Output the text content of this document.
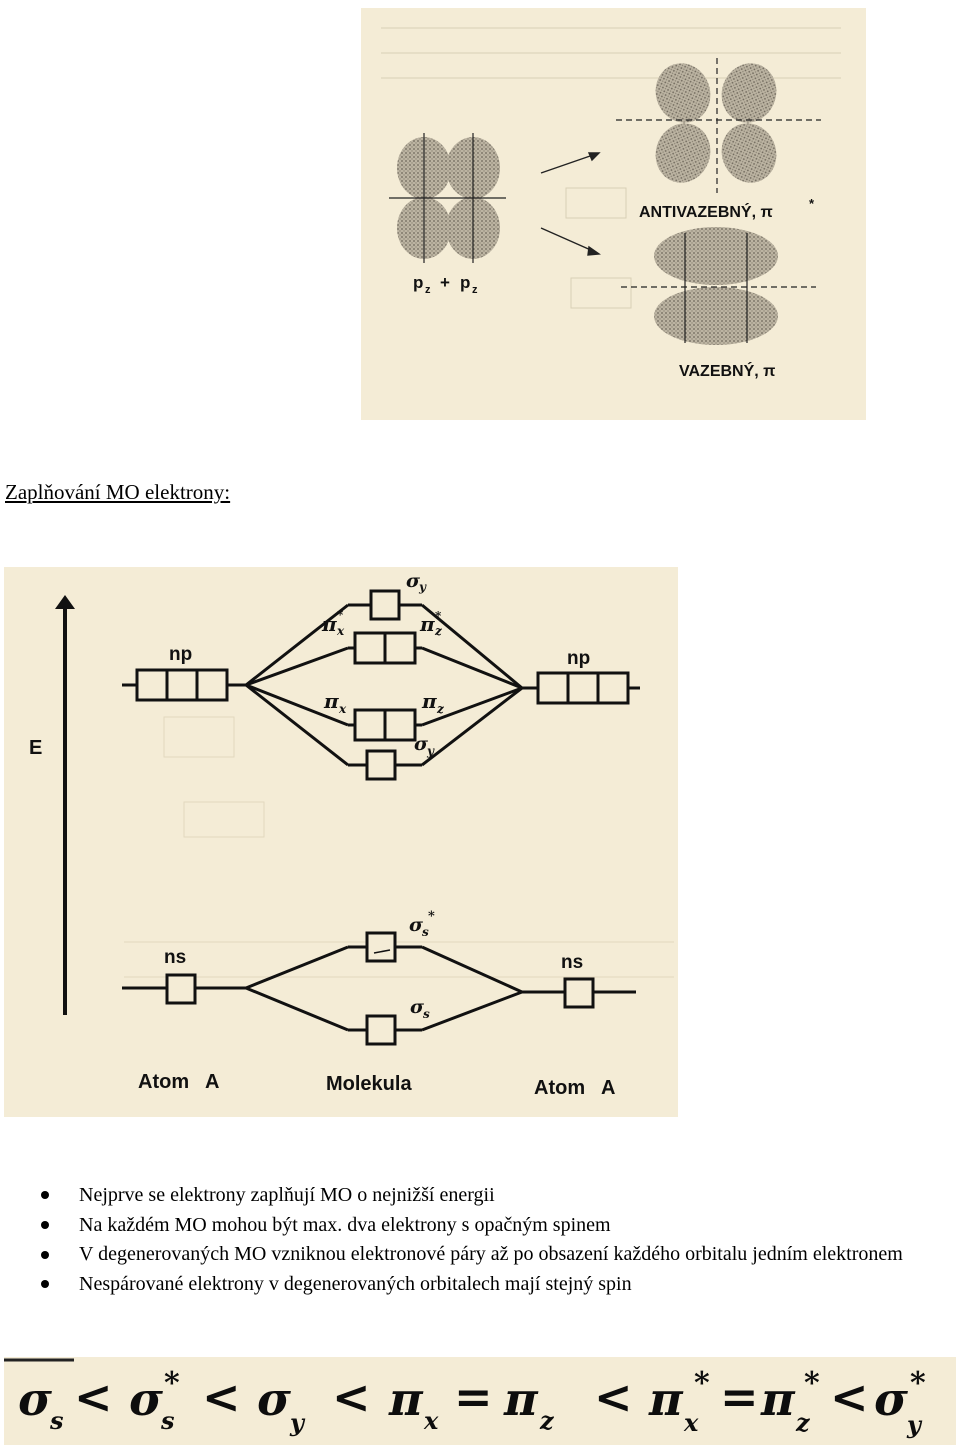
p z + p z
ANTIVAZEBNÝ, π
*
VAZEBNÝ, π
Zaplňování MO elektrony:
E
np	np
ns	ns
σ
y
π x
*	π z
*
π x	π z
σ
y
σ
s
*
σ
s
Atom   A	Molekula	Atom   A
Nejprve se elektrony zaplňují MO o nejnižší energii
Na každém MO mohou být max. dva elektrony s opačným spinem
V degenerovaných MO vzniknou elektronové páry až po obsazení každého orbitalu jedním elektronem
Nespárované elektrony v degenerovaných orbitalech mají stejný spin
σ
s < σ
s
* < σ y < π x = π z < π x
* = π z
* < σ y
*
